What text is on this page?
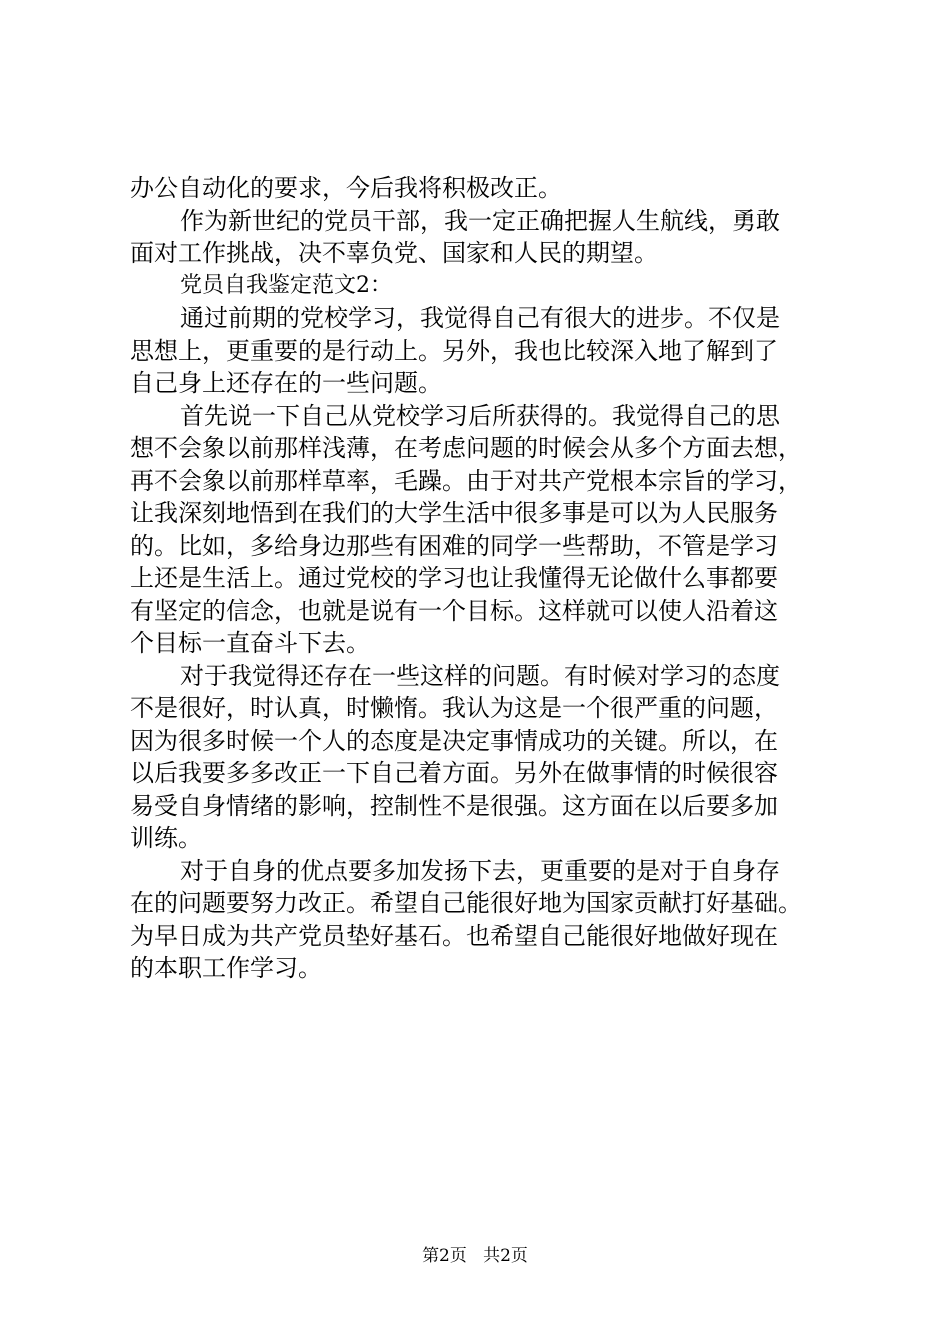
办公自动化的要求，今后我将积极改正。
作为新世纪的党员干部，我一定正确把握人生航线，勇敢
面对工作挑战，决不辜负党、国家和人民的期望。
党员自我鉴定范文2：
通过前期的党校学习，我觉得自己有很大的进步。不仅是
思想上，更重要的是行动上。另外，我也比较深入地了解到了
自己身上还存在的一些问题。
首先说一下自己从党校学习后所获得的。我觉得自己的思
想不会象以前那样浅薄，在考虑问题的时候会从多个方面去想，
再不会象以前那样草率，毛躁。由于对共产党根本宗旨的学习，
让我深刻地悟到在我们的大学生活中很多事是可以为人民服务
的。比如，多给身边那些有困难的同学一些帮助，不管是学习
上还是生活上。通过党校的学习也让我懂得无论做什么事都要
有坚定的信念，也就是说有一个目标。这样就可以使人沿着这
个目标一直奋斗下去。
对于我觉得还存在一些这样的问题。有时候对学习的态度
不是很好，时认真，时懒惰。我认为这是一个很严重的问题，
因为很多时候一个人的态度是决定事情成功的关键。所以，在
以后我要多多改正一下自己着方面。另外在做事情的时候很容
易受自身情绪的影响，控制性不是很强。这方面在以后要多加
训练。
对于自身的优点要多加发扬下去，更重要的是对于自身存
在的问题要努力改正。希望自己能很好地为国家贡献打好基础。
为早日成为共产党员垫好基石。也希望自己能很好地做好现在
的本职工作学习。
第2页 共2页
